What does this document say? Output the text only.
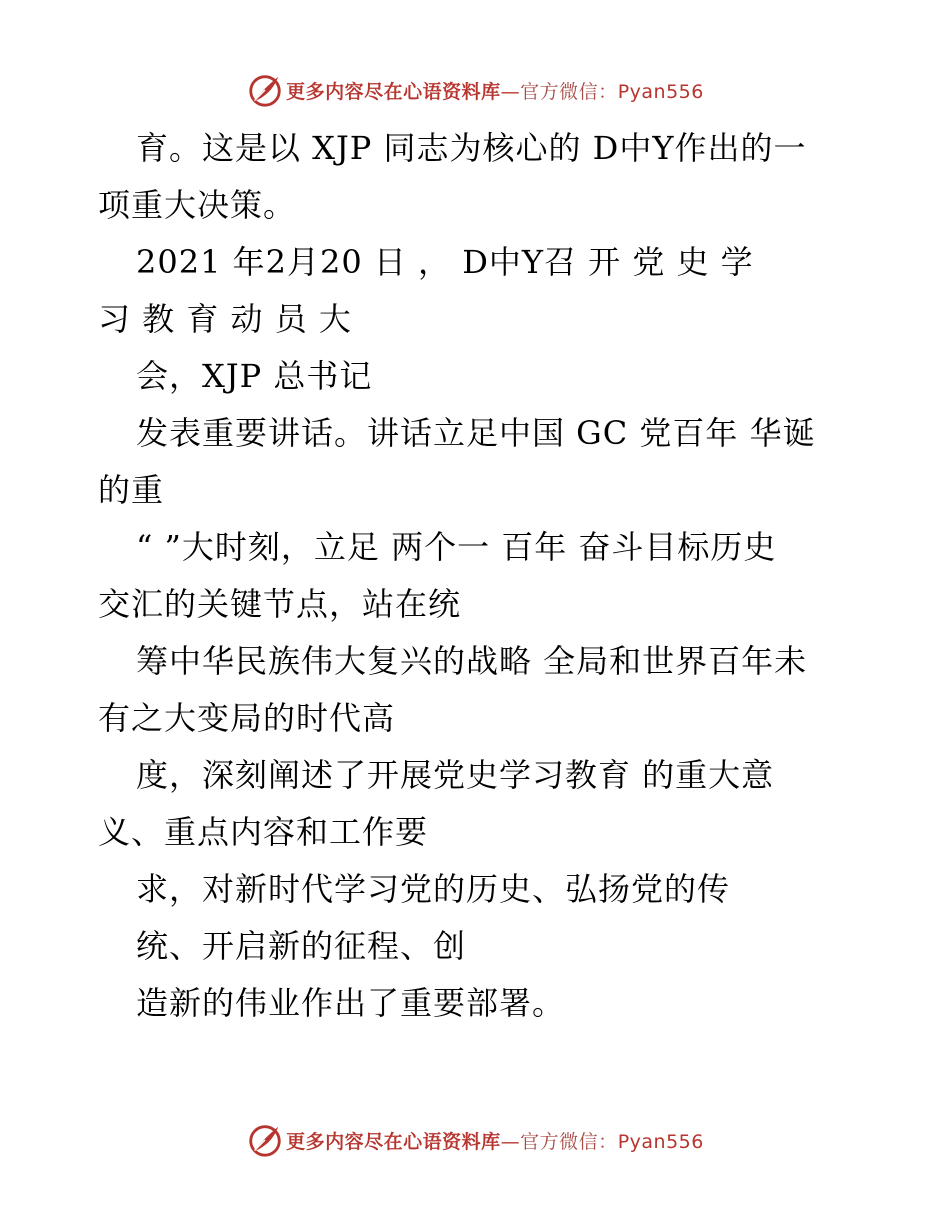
更多内容尽在心语资料库—官方微信：Pyan556
育。这是以 XJP 同志为核心的 D中Y作出的一
项重大决策。
2021 年2月20 日 ， D中Y召 开 党 史 学
习 教 育 动 员 大
会，XJP 总书记
发表重要讲话。讲话立足中国 GC 党百年 华诞
的重
“ ”大时刻，立足 两个一 百年 奋斗目标历史
交汇的关键节点，站在统
筹中华民族伟大复兴的战略 全局和世界百年未
有之大变局的时代高
度，深刻阐述了开展党史学习教育 的重大意
义、重点内容和工作要
求，对新时代学习党的历史、弘扬党的传
统、开启新的征程、创
造新的伟业作出了重要部署。
更多内容尽在心语资料库—官方微信：Pyan556
